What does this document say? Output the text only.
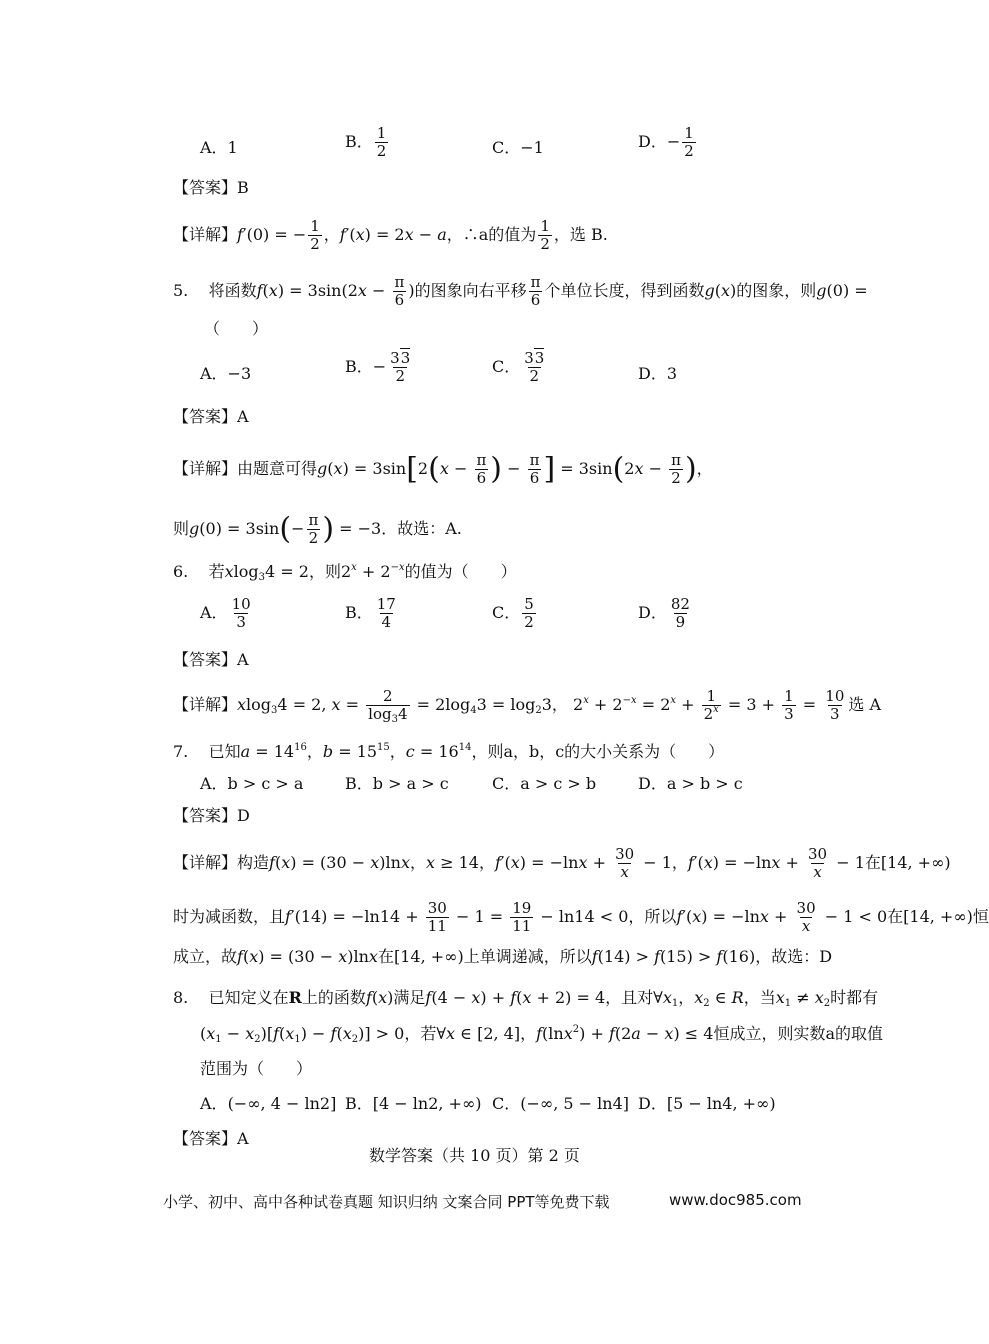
A．1	B． $\frac{1}{2}$	C．−1	D．− $\frac{1}{2}$
【答案】B
【详解】f′(0) = − $\frac{1}{2}$ ，f′(x) = 2x − a，∴a的值为 $\frac{1}{2}$ ，选 B.
5. 将函数$f(x) = 3\sin(2x - \frac{\pi}{6}$ )的图象向右平移 $\frac{\pi}{6}$ 个单位长度，得到函数g(x)的图象，则g(0) =
（　　）
A．−3	B．− $\frac{33}{2}$	C． $\frac{33}{2}$	D．3
【答案】A
【详解】由题意可得$g(x) = 3\sin[2(x - \frac{\pi}{6}$ ) − $\frac{\pi}{6}$ ] = $3\sin(2x - \frac{\pi}{2}$ )，
则$g(0) = 3\sin(- \frac{\pi}{2}$ ) = −3．故选：A.
6. 若xlog$_3$4 = 2，则$2^x + 2^{-x}$的值为（　　）
A． $\frac{10}{3}$	B． $\frac{17}{4}$	C． $\frac{5}{2}$	D． $\frac{82}{9}$
【答案】A
【详解】xlog$_3$4 = 2, $x = \frac{2}{\log_34} = 2\log_43 = \log_23$， $2^x + 2^{-x} = 2^x + \frac{1}{2^x} = 3 + \frac{1}{3} = \frac{10}{3}$ 选 A
7. 已知$a = 14^{16}$，$b = 15^{15}$，$c = 16^{14}$，则a，b，c的大小关系为（　　）
A．b > c > a	B．b > a > c	C．a > c > b	D．a > b > c
【答案】D
【详解】构造f(x) = (30 − x)lnx，x ≥ 14，$f'(x) = -\ln x + \frac{30}{x} - 1$，$f'(x) = -\ln x + \frac{30}{x} - 1$在[14, +∞)
时为减函数，且$f'(14) = -\ln 14 + \frac{30}{11} - 1 = \frac{19}{11} - \ln 14 < 0$，所以$f'(x) = -\ln x + \frac{30}{x} - 1 < 0$在[14, +∞)恒
成立，故f(x) = (30 − x)lnx在[14, +∞)上单调递减，所以f(14) > f(15) > f(16)，故选：D
8. 已知定义在R上的函数f(x)满足f(4 − x) + f(x + 2) = 4，且对$\forall x_1$，$x_2$ ∈ R，当$x_1 \ne x_2$时都有
$(x_1 - x_2)[f(x_1) - f(x_2)] > 0$，若∀x ∈ [2, 4]，f(lnx$^2$) + f(2a − x) ≤ 4恒成立，则实数a的取值
范围为（　　）
A．(−∞, 4 − ln2] B．[4 − ln2, +∞) C．(−∞, 5 − ln4] D．[5 − ln4, +∞)
【答案】A
数学答案（共 10 页）第 2 页
小学、初中、高中各种试卷真题 知识归纳 文案合同 PPT等免费下载	www.doc985.com
